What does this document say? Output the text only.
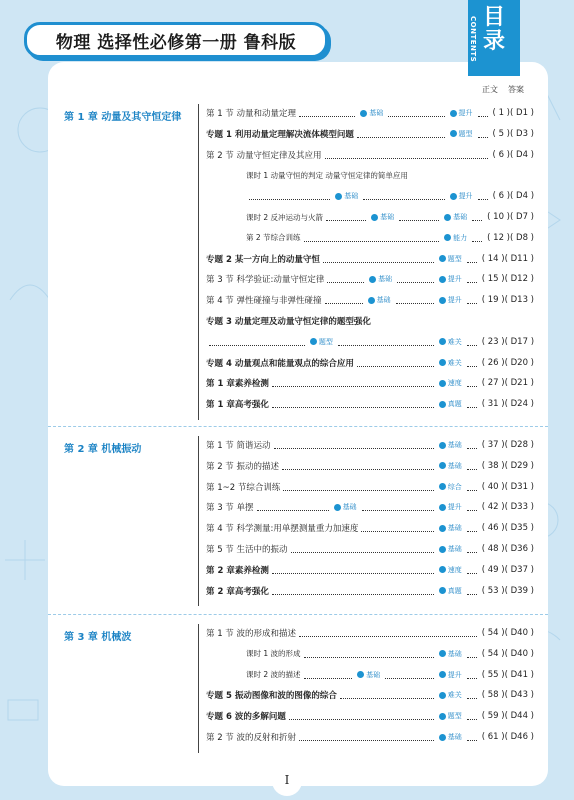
物理 选择性必修第一册 鲁科版	CONTENTS 目录
正文 答案
第 1 章 动量及其守恒定律	第 1 节 动量和动量定理	基础	提升 ( 1 ) ( D1 )
专题 1 利用动量定理解决流体模型问题	题型 ( 5 ) ( D3 )
第 2 节 动量守恒定律及其应用	( 6 ) ( D4 )
课时 1 动量守恒的判定 动量守恒定律的简单应用
基础	提升 ( 6 ) ( D4 )
课时 2 反冲运动与火箭	基础	基础 ( 10 ) ( D7 )
第 2 节综合训练	能力 ( 12 ) ( D8 )
专题 2 某一方向上的动量守恒	题型 ( 14 ) ( D11 )
第 3 节 科学验证:动量守恒定律	基础	提升 ( 15 ) ( D12 )
第 4 节 弹性碰撞与非弹性碰撞	基础	提升 ( 19 ) ( D13 )
专题 3 动量定理及动量守恒定律的题型强化
题型	难关 ( 23 ) ( D17 )
专题 4 动量观点和能量观点的综合应用	难关 ( 26 ) ( D20 )
第 1 章素养检测	速度 ( 27 ) ( D21 )
第 1 章高考强化	真题 ( 31 ) ( D24 )
第 2 章 机械振动	第 1 节 简谐运动	基础 ( 37 ) ( D28 )
第 2 节 振动的描述	基础 ( 38 ) ( D29 )
第 1~2 节综合训练	综合 ( 40 ) ( D31 )
第 3 节 单摆	基础	提升 ( 42 ) ( D33 )
第 4 节 科学测量:用单摆测量重力加速度	基础 ( 46 ) ( D35 )
第 5 节 生活中的振动	基础 ( 48 ) ( D36 )
第 2 章素养检测	速度 ( 49 ) ( D37 )
第 2 章高考强化	真题 ( 53 ) ( D39 )
第 3 章 机械波	第 1 节 波的形成和描述	( 54 ) ( D40 )
课时 1 波的形成	基础 ( 54 ) ( D40 )
课时 2 波的描述	基础	提升 ( 55 ) ( D41 )
专题 5 振动图像和波的图像的综合	难关 ( 58 ) ( D43 )
专题 6 波的多解问题	题型 ( 59 ) ( D44 )
第 2 节 波的反射和折射	基础 ( 61 ) ( D46 )
I
